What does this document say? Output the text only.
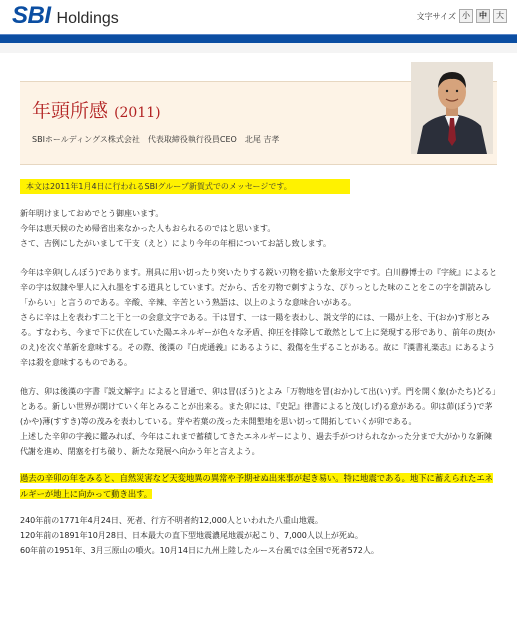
SBI Holdings	文字サイズ 小	中	大
年頭所感 (2011)
SBIホールディングス株式会社　代表取締役執行役員CEO　北尾 吉孝
本文は2011年1月4日に行われるSBIグループ新賀式でのメッセージです。
新年明けましておめでとう御座います。
今年は恵天候のため帰省出来なかった人もおられるのではと思います。
さて、吉例にしたがいまして干支（えと）により今年の年相についてお話し致します。
今年は辛卯(しんぼう)であります。刑具に用い切ったり突いたりする鋭い刃物を描いた象形文字です。白川静博士の『字統』によると辛の字は奴隷や罪人に入れ墨をする道具としています。だから、舌を刃物で刺すような、ぴりっとした味のことをこの字を訓読みし「からい」と言うのである。辛酸、辛辣、辛苦という熟語は、以上のような意味合いがある。
さらに辛は上を表わす二と干と一の会意文字である。干は冒す、一は一陽を表わし、説文学的には、一陽が上を、干(おか)す形とみる。すなわち、今まで下に伏在していた陽エネルギーが色々な矛盾、抑圧を排除して敢然として上に発現する形であり、前年の庚(かのえ)を次ぐ革新を意味する。その際、後漢の『白虎通義』にあるように、殺傷を生ずることがある。故に『漢書礼楽志』にあるよう辛は殺を意味するものである。
他方、卯は後漢の字書『説文解字』によると冒通で、卯は冒(ぼう)とよみ「万物地を冒(おか)して出(い)ず。門を開く象(かたち)どる」とある。新しい世界が開けていく年とみることが出来る。また卯には、『史記』律書によると茂(しげ)る意がある。卯は茆(ぼう)で茅(かや)薄(すすき)等の茂みを表わしている。芽や若葉の茂った未開墾地を思い切って開拓していくが卯である。
上述した辛卯の字義に鑑みれば、今年はこれまで蓄積してきたエネルギーにより、過去手がつけられなかった分まで大がかりな新陳代謝を進め、閉塞を打ち破り、新たな発展へ向かう年と言えよう。
過去の辛卯の年をみると、自然災害など天変地異の異常や予期せぬ出来事が起き易い。特に地震である。地下に蓄えられたエネルギーが地上に向かって動き出す。
240年前の1771年4月24日、死者、行方不明者約12,000人といわれた八重山地震。
120年前の1891年10月28日、日本最大の直下型地震濃尾地震が起こり、7,000人以上が死ぬ。
60年前の1951年、3月三原山の噴火。10月14日に九州上陸したルース台風では全国で死者572人。
